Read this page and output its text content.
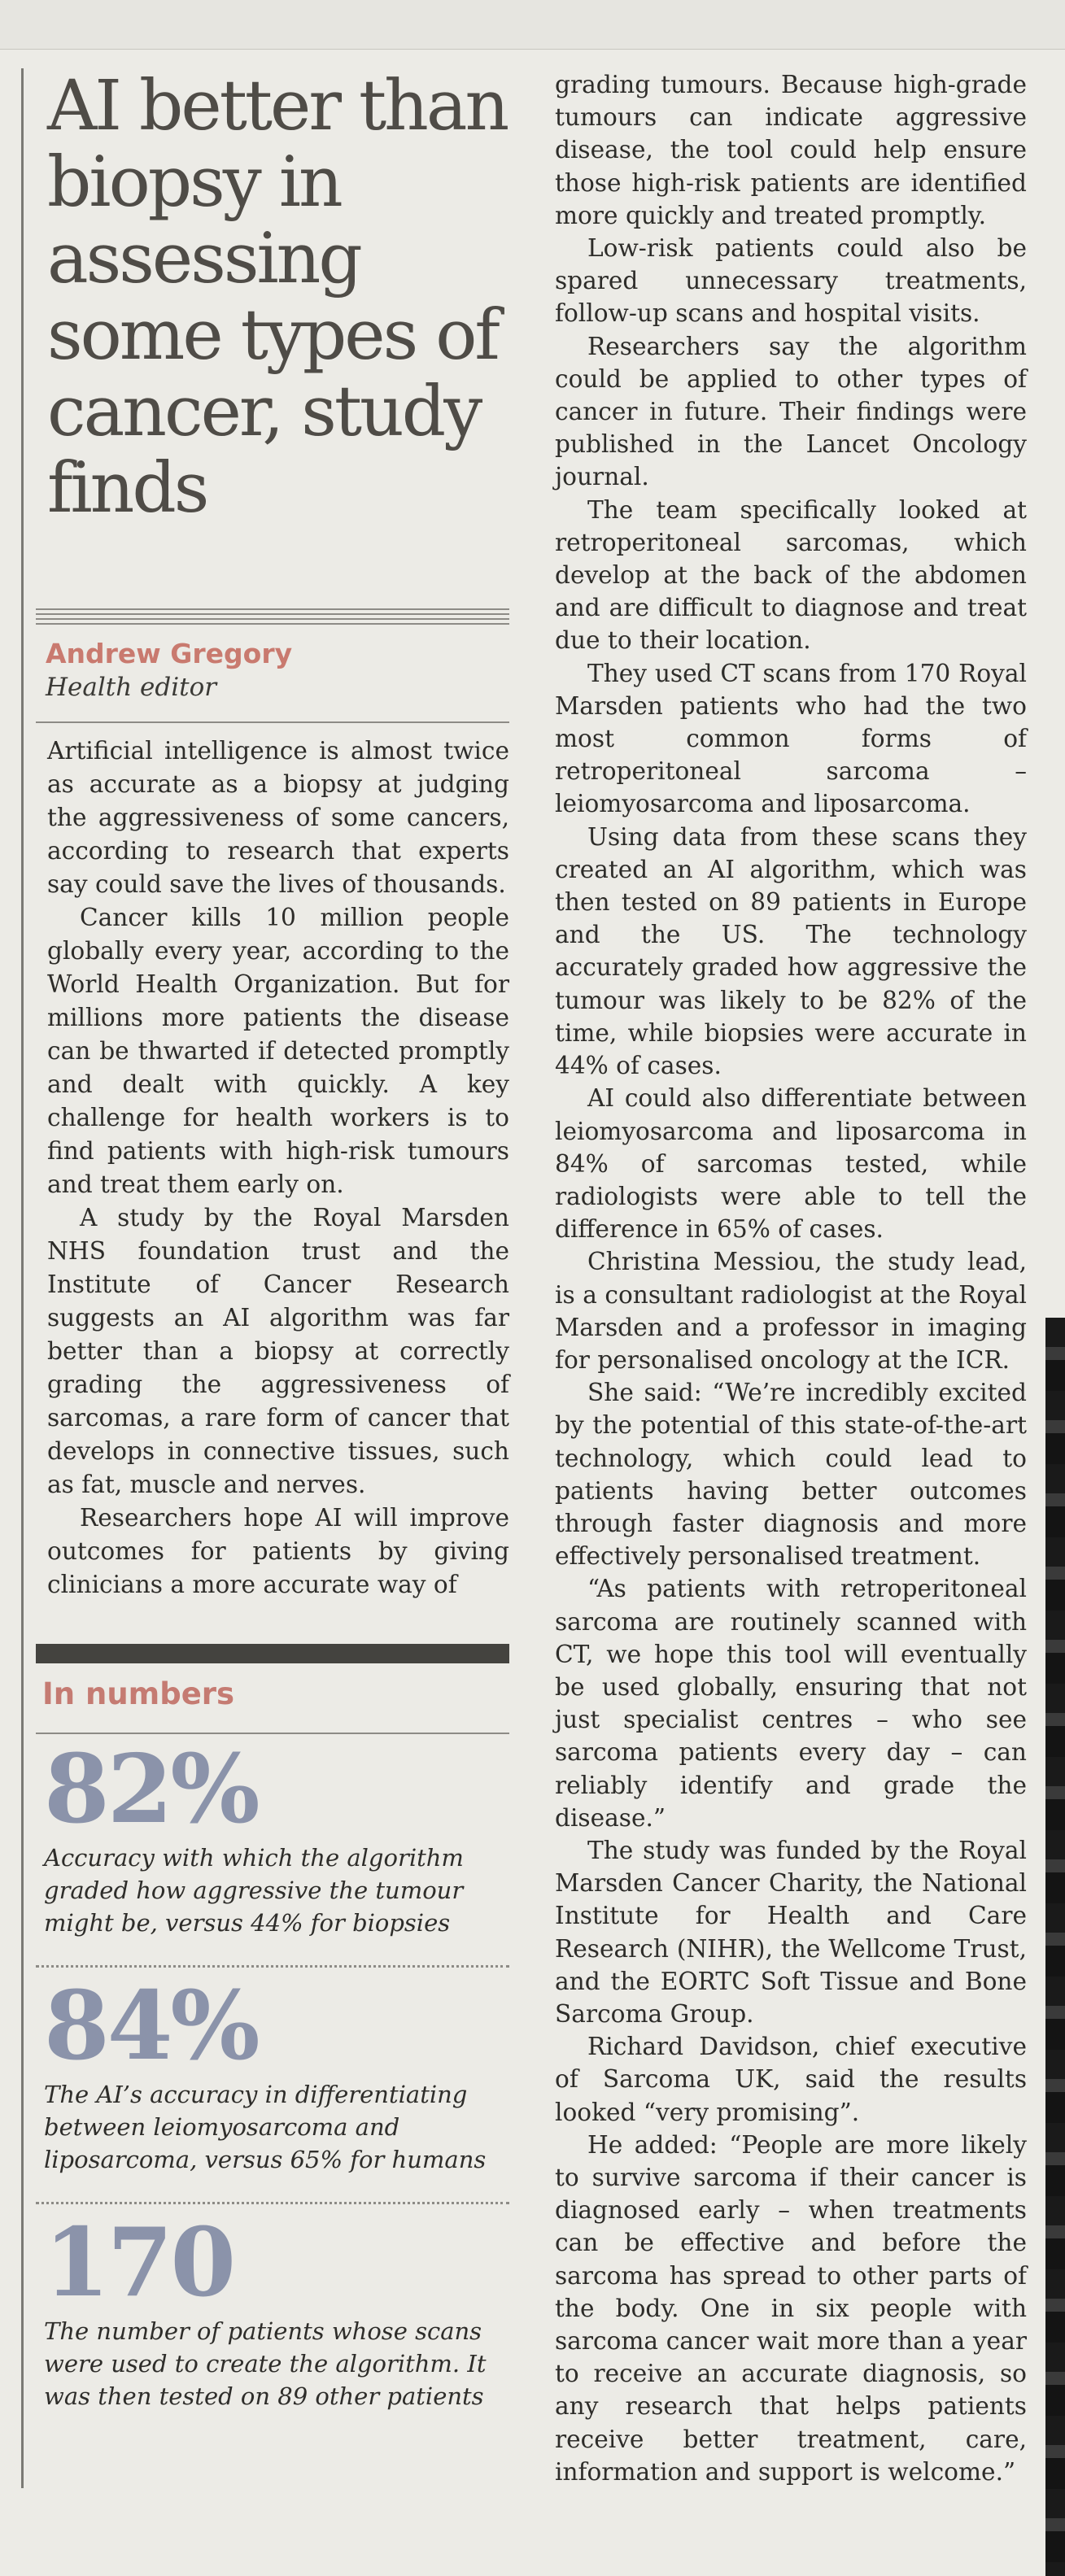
AI better than biopsy in assessing some types of cancer, study finds
Andrew Gregory
Health editor

Artificial intelligence is almost twice as accurate as a biopsy at judging the aggressiveness of some cancers, according to research that experts say could save the lives of thousands.

Cancer kills 10 million people globally every year, according to the World Health Organization. But for millions more patients the disease can be thwarted if detected promptly and dealt with quickly. A key challenge for health workers is to find patients with high-risk tumours and treat them early on.

A study by the Royal Marsden NHS foundation trust and the Institute of Cancer Research suggests an AI algorithm was far better than a biopsy at correctly grading the aggressiveness of sarcomas, a rare form of cancer that develops in connective tissues, such as fat, muscle and nerves.

Researchers hope AI will improve outcomes for patients by giving clinicians a more accurate way of

In numbers
82%
Accuracy with which the algorithm graded how aggressive the tumour might be, versus 44% for biopsies
84%
The AI’s accuracy in differentiating between leiomyosarcoma and liposarcoma, versus 65% for humans
170
The number of patients whose scans were used to create the algorithm. It was then tested on 89 other patients

grading tumours. Because high-grade tumours can indicate aggressive disease, the tool could help ensure those high-risk patients are identified more quickly and treated promptly.

Low-risk patients could also be spared unnecessary treatments, follow-up scans and hospital visits.

Researchers say the algorithm could be applied to other types of cancer in future. Their findings were published in the Lancet Oncology journal.

The team specifically looked at retroperitoneal sarcomas, which develop at the back of the abdomen and are difficult to diagnose and treat due to their location.

They used CT scans from 170 Royal Marsden patients who had the two most common forms of retroperitoneal sarcoma – leiomyosarcoma and liposarcoma.

Using data from these scans they created an AI algorithm, which was then tested on 89 patients in Europe and the US. The technology accurately graded how aggressive the tumour was likely to be 82% of the time, while biopsies were accurate in 44% of cases.

AI could also differentiate between leiomyosarcoma and liposarcoma in 84% of sarcomas tested, while radiologists were able to tell the difference in 65% of cases.

Christina Messiou, the study lead, is a consultant radiologist at the Royal Marsden and a professor in imaging for personalised oncology at the ICR.

She said: “We’re incredibly excited by the potential of this state-of-the-art technology, which could lead to patients having better outcomes through faster diagnosis and more effectively personalised treatment.

“As patients with retroperitoneal sarcoma are routinely scanned with CT, we hope this tool will eventually be used globally, ensuring that not just specialist centres – who see sarcoma patients every day – can reliably identify and grade the disease.”

The study was funded by the Royal Marsden Cancer Charity, the National Institute for Health and Care Research (NIHR), the Wellcome Trust, and the EORTC Soft Tissue and Bone Sarcoma Group.

Richard Davidson, chief executive of Sarcoma UK, said the results looked “very promising”.

He added: “People are more likely to survive sarcoma if their cancer is diagnosed early – when treatments can be effective and before the sarcoma has spread to other parts of the body. One in six people with sarcoma cancer wait more than a year to receive an accurate diagnosis, so any research that helps patients receive better treatment, care, information and support is welcome.”
